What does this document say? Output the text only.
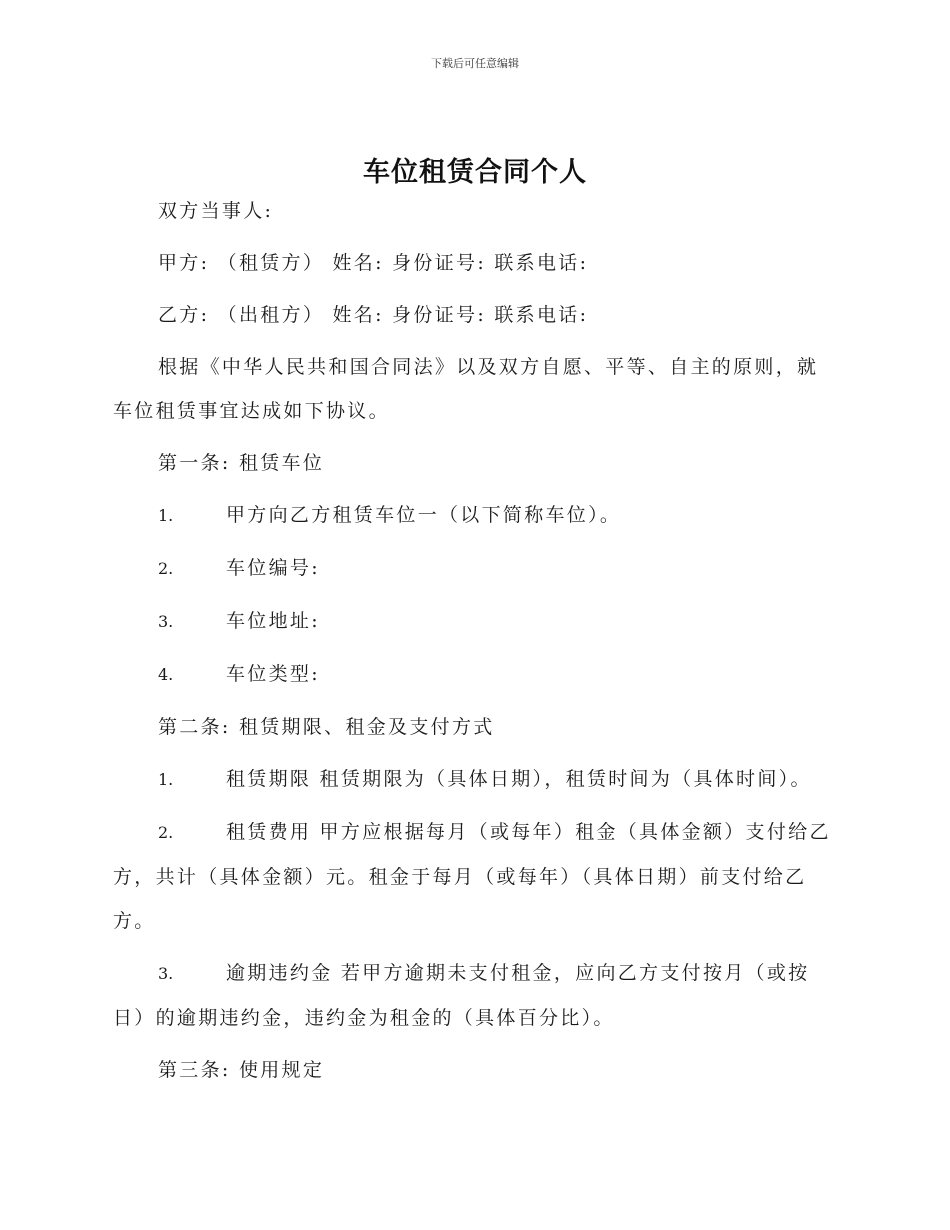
下载后可任意编辑
车位租赁合同个人

双方当事人:

甲方: （租赁方） 姓名: 身份证号: 联系电话:

乙方: （出租方） 姓名: 身份证号: 联系电话:

根据《中华人民共和国合同法》以及双方自愿、平等、自主的原则，就车位租赁事宜达成如下协议。

第一条: 租赁车位

1.	甲方向乙方租赁车位一（以下简称车位）。

2.	车位编号:

3.	车位地址:

4.	车位类型:

第二条: 租赁期限、租金及支付方式

1.	租赁期限 租赁期限为（具体日期），租赁时间为（具体时间）。

2.	租赁费用 甲方应根据每月（或每年）租金（具体金额）支付给乙方，共计（具体金额）元。租金于每月（或每年）（具体日期）前支付给乙方。

3.	逾期违约金 若甲方逾期未支付租金，应向乙方支付按月（或按日）的逾期违约金，违约金为租金的（具体百分比）。

第三条: 使用规定
